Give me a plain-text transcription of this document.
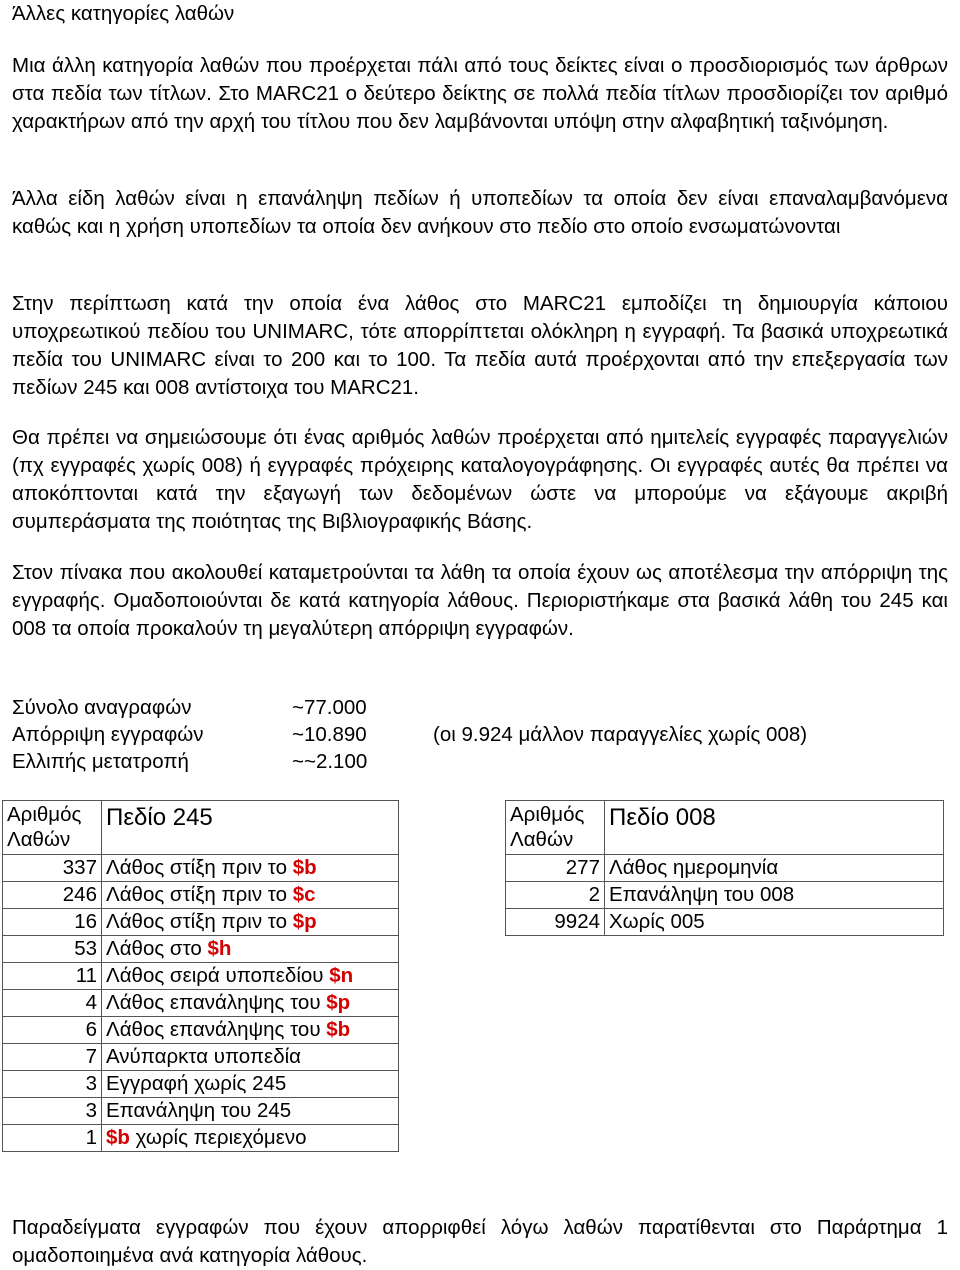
Άλλες κατηγορίες λαθών

Μια άλλη κατηγορία λαθών που προέρχεται πάλι από τους δείκτες είναι ο προσδιορισμός των άρθρων στα πεδία των τίτλων. Στο MARC21 ο δεύτερο δείκτης σε πολλά πεδία τίτλων προσδιορίζει τον αριθμό χαρακτήρων από την αρχή του τίτλου που δεν λαμβάνονται υπόψη στην αλφαβητική ταξινόμηση.

Άλλα είδη λαθών είναι η επανάληψη πεδίων ή υποπεδίων τα οποία δεν είναι επαναλαμβανόμενα καθώς και η χρήση υποπεδίων τα οποία δεν ανήκουν στο πεδίο στο οποίο ενσωματώνονται

Στην περίπτωση κατά την οποία ένα λάθος στο MARC21 εμποδίζει τη δημιουργία κάποιου υποχρεωτικού πεδίου του UNIMARC, τότε απορρίπτεται ολόκληρη η εγγραφή. Τα βασικά υποχρεωτικά πεδία του UNIMARC είναι το 200 και το 100. Τα πεδία αυτά προέρχονται από την επεξεργασία των πεδίων 245 και 008 αντίστοιχα του MARC21.

Θα πρέπει να σημειώσουμε ότι ένας αριθμός λαθών προέρχεται από ημιτελείς εγγραφές παραγγελιών (πχ εγγραφές χωρίς 008) ή εγγραφές πρόχειρης καταλογογράφησης. Οι εγγραφές αυτές θα πρέπει να αποκόπτονται κατά την εξαγωγή των δεδομένων ώστε να μπορούμε να εξάγουμε ακριβή συμπεράσματα της ποιότητας της Βιβλιογραφικής Βάσης.

Στον πίνακα που ακολουθεί καταμετρούνται τα λάθη τα οποία έχουν ως αποτέλεσμα την απόρριψη της εγγραφής. Ομαδοποιούνται δε κατά κατηγορία λάθους. Περιοριστήκαμε στα βασικά λάθη του 245 και 008 τα οποία προκαλούν τη μεγαλύτερη απόρριψη εγγραφών.

Σύνολο αναγραφών	~77.000
Απόρριψη εγγραφών	~10.890	(οι 9.924 μάλλον παραγγελίες χωρίς 008)
Ελλιπής μετατροπή	~~2.100
Αριθμός Λαθών	Πεδίο 245
337	Λάθος στίξη πριν το $b
246	Λάθος στίξη πριν το $c
16	Λάθος στίξη πριν το $p
53	Λάθος στο $h
11	Λάθος σειρά υποπεδίου $n
4	Λάθος επανάληψης του $p
6	Λάθος επανάληψης του $b
7	Ανύπαρκτα υποπεδία
3	Εγγραφή χωρίς 245
3	Επανάληψη του 245
1	$b χωρίς περιεχόμενο
Αριθμός Λαθών	Πεδίο 008
277	Λάθος ημερομηνία
2	Επανάληψη του 008
9924	Χωρίς 005

Παραδείγματα εγγραφών που έχουν απορριφθεί λόγω λαθών παρατίθενται στο Παράρτημα 1 ομαδοποιημένα ανά κατηγορία λάθους.
